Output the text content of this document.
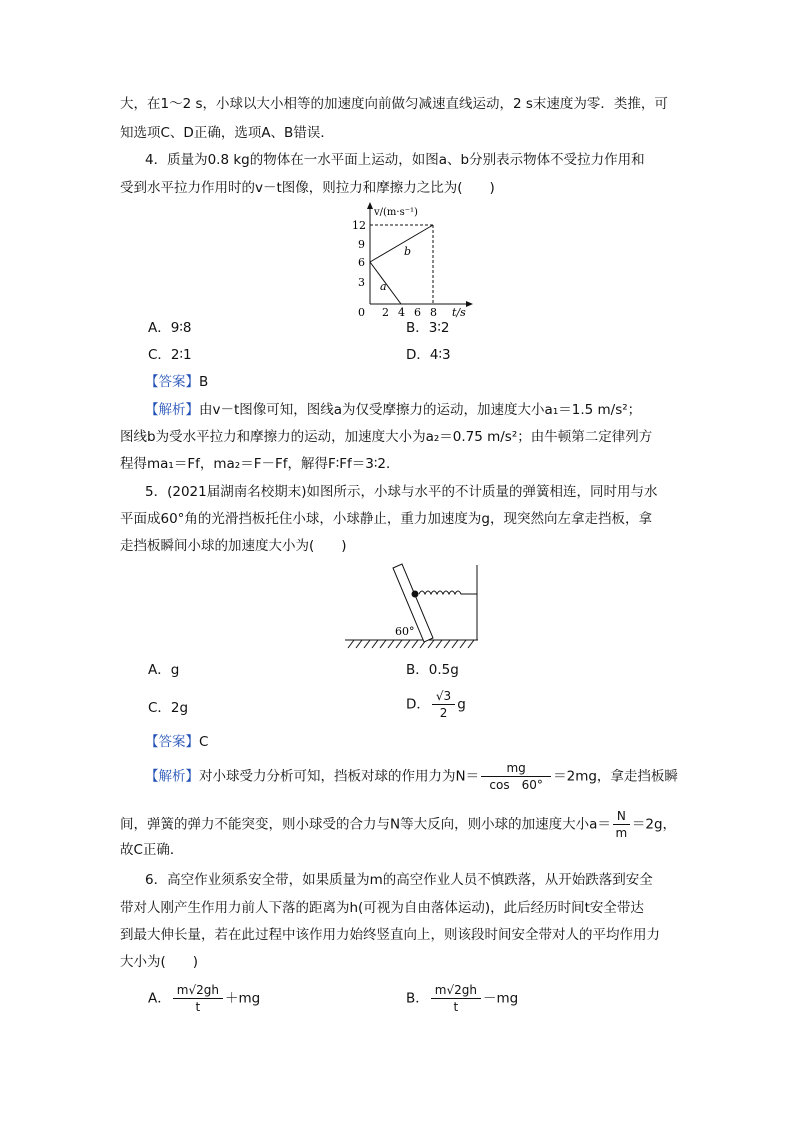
大，在1～2 s，小球以大小相等的加速度向前做匀减速直线运动，2 s末速度为零．类推，可
知选项C、D正确，选项A、B错误．
4．质量为0.8 kg的物体在一水平面上运动，如图a、b分别表示物体不受拉力作用和
受到水平拉力作用时的v－t图像，则拉力和摩擦力之比为(　　)
v/(m·s⁻¹)
t/s
12
9
6
3
0 2 4 6 8
b
a
A．9∶8	B．3∶2
C．2∶1	D．4∶3
【答案】B
【解析】由v－t图像可知，图线a为仅受摩擦力的运动，加速度大小a₁＝1.5 m/s²；
图线b为受水平拉力和摩擦力的运动，加速度大小为a₂＝0.75 m/s²；由牛顿第二定律列方
程得ma₁＝Ff，ma₂＝F－Ff，解得F∶Ff＝3∶2．
5．(2021届湖南名校期末)如图所示，小球与水平的不计质量的弹簧相连，同时用与水
平面成60°角的光滑挡板托住小球，小球静止，重力加速度为g，现突然向左拿走挡板，拿
走挡板瞬间小球的加速度大小为(　　)
60°
A．g	B．0.5g
C．2g	D． $\frac{√3}{2}$ g
【答案】C
【解析】对小球受力分析可知，挡板对球的作用力为$N= \frac{mg}{\cos 60^\circ} =2mg$，拿走挡板瞬
间，弹簧的弹力不能突变，则小球受的合力与N等大反向，则小球的加速度大小$a= \frac{N}{m} =2g$，
故C正确．
6．高空作业须系安全带，如果质量为m的高空作业人员不慎跌落，从开始跌落到安全
带对人刚产生作用力前人下落的距离为h(可视为自由落体运动)，此后经历时间t安全带达
到最大伸长量，若在此过程中该作用力始终竖直向上，则该段时间安全带对人的平均作用力
大小为(　　)
A． $\frac{m√2gh}{t} +mg$	B． $\frac{m√2gh}{t} -mg$
